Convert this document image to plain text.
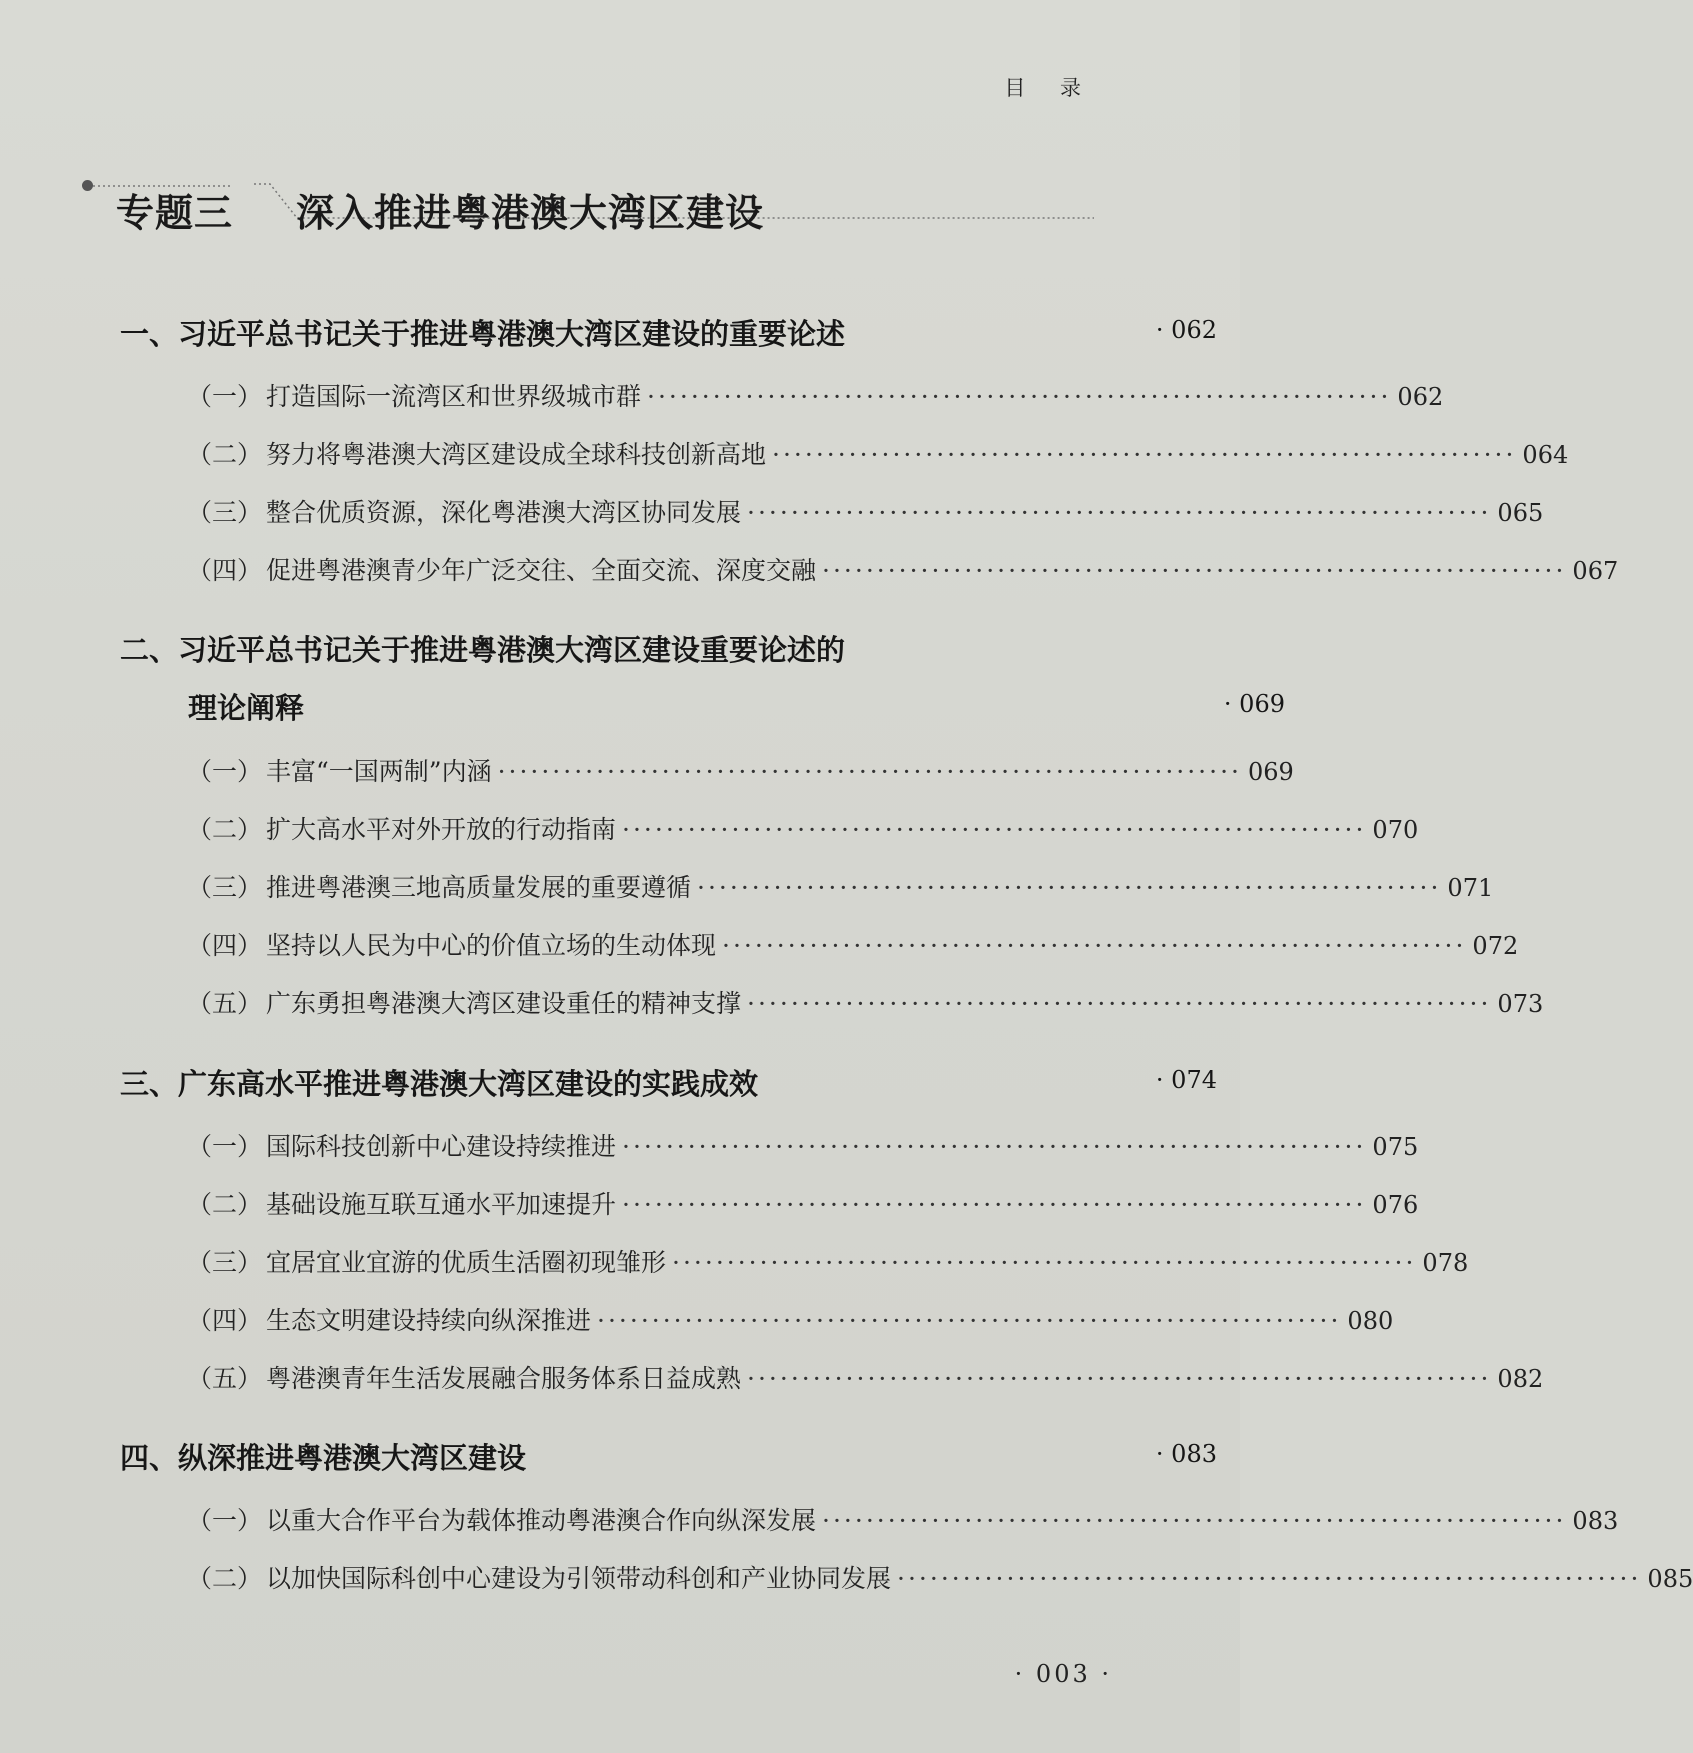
目 录
专题三 深入推进粤港澳大湾区建设
一、 习近平总书记关于推进粤港澳大湾区建设的重要论述	· 062
（一） 打造国际一流湾区和世界级城市群 ···································································· 062
（二） 努力将粤港澳大湾区建设成全球科技创新高地 ···································································· 064
（三） 整合优质资源，深化粤港澳大湾区协同发展 ···································································· 065
（四） 促进粤港澳青少年广泛交往、全面交流、深度交融 ···································································· 067
二、 习近平总书记关于推进粤港澳大湾区建设重要论述的
理论阐释	· 069
（一） 丰富“一国两制”内涵 ···································································· 069
（二） 扩大高水平对外开放的行动指南 ···································································· 070
（三） 推进粤港澳三地高质量发展的重要遵循 ···································································· 071
（四） 坚持以人民为中心的价值立场的生动体现 ···································································· 072
（五） 广东勇担粤港澳大湾区建设重任的精神支撑 ···································································· 073
三、 广东高水平推进粤港澳大湾区建设的实践成效	· 074
（一） 国际科技创新中心建设持续推进 ···································································· 075
（二） 基础设施互联互通水平加速提升 ···································································· 076
（三） 宜居宜业宜游的优质生活圈初现雏形 ···································································· 078
（四） 生态文明建设持续向纵深推进 ···································································· 080
（五） 粤港澳青年生活发展融合服务体系日益成熟 ···································································· 082
四、 纵深推进粤港澳大湾区建设	· 083
（一） 以重大合作平台为载体推动粤港澳合作向纵深发展 ···································································· 083
（二） 以加快国际科创中心建设为引领带动科创和产业协同发展 ···································································· 085
· 003 ·
